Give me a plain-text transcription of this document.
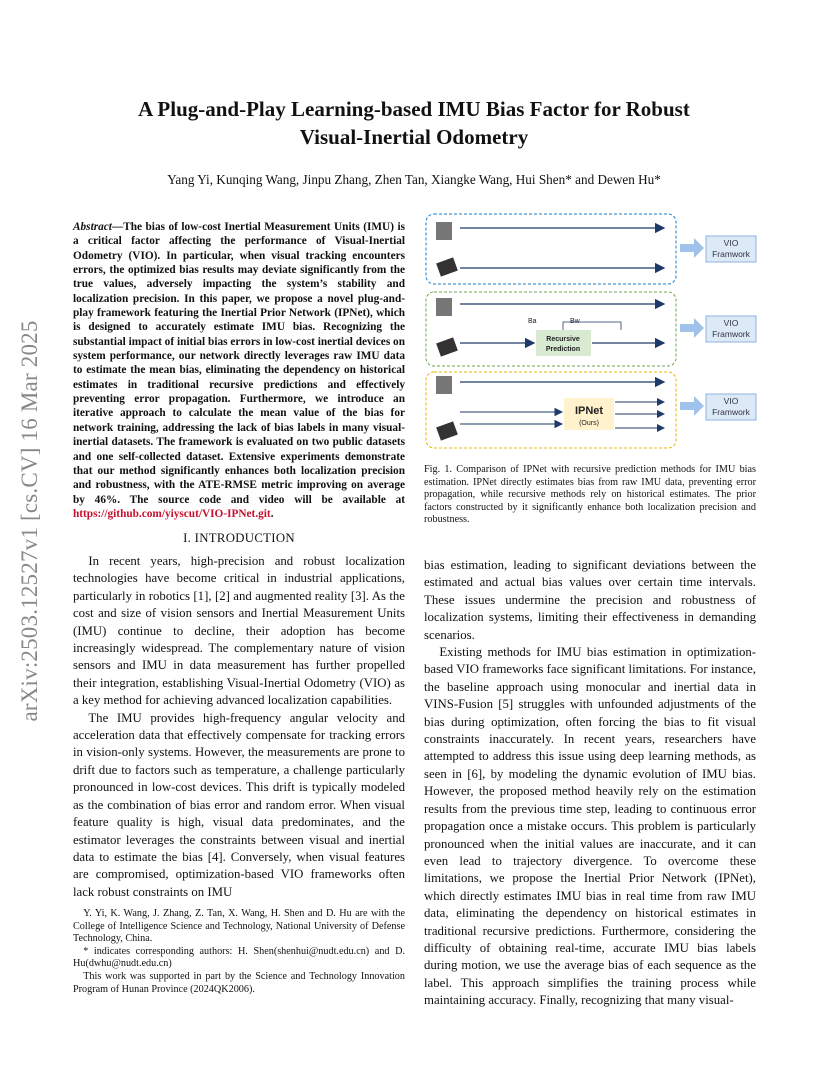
A Plug-and-Play Learning-based IMU Bias Factor for Robust
Visual-Inertial Odometry
Yang Yi, Kunqing Wang, Jinpu Zhang, Zhen Tan, Xiangke Wang, Hui Shen* and Dewen Hu*
arXiv:2503.12527v1 [cs.CV] 16 Mar 2025
Abstract—The bias of low-cost Inertial Measurement Units (IMU) is a critical factor affecting the performance of Visual-Inertial Odometry (VIO). In particular, when visual tracking encounters errors, the optimized bias results may deviate significantly from the true values, adversely impacting the system’s stability and localization precision. In this paper, we propose a novel plug-and-play framework featuring the Inertial Prior Network (IPNet), which is designed to accurately estimate IMU bias. Recognizing the substantial impact of initial bias errors in low-cost inertial devices on system performance, our network directly leverages raw IMU data to estimate the mean bias, eliminating the dependency on historical estimates in traditional recursive predictions and effectively preventing error propagation. Furthermore, we introduce an iterative approach to calculate the mean value of the bias for network training, addressing the lack of bias labels in many visual-inertial datasets. The framework is evaluated on two public datasets and one self-collected dataset. Extensive experiments demonstrate that our method significantly enhances both localization precision and robustness, with the ATE-RMSE metric improving on average by 46%. The source code and video will be available at https://github.com/yiyscut/VIO-IPNet.git.
I. INTRODUCTION

In recent years, high-precision and robust localization technologies have become critical in industrial applications, particularly in robotics [1], [2] and augmented reality [3]. As the cost and size of vision sensors and Inertial Measurement Units (IMU) continue to decline, their adoption has become increasingly widespread. The complementary nature of vision sensors and IMU in data measurement has further propelled their integration, establishing Visual-Inertial Odometry (VIO) as a key method for achieving advanced localization capabilities.

The IMU provides high-frequency angular velocity and acceleration data that effectively compensate for tracking errors in vision-only systems. However, the measurements are prone to drift due to factors such as temperature, a challenge particularly pronounced in low-cost devices. This drift is typically modeled as the combination of bias error and random error. When visual feature quality is high, visual data predominates, and the estimator leverages the constraints between visual and inertial data to estimate the bias [4]. Conversely, when visual features are compromised, optimization-based VIO frameworks often lack robust constraints on IMU

Y. Yi, K. Wang, J. Zhang, Z. Tan, X. Wang, H. Shen and D. Hu are with the College of Intelligence Science and Technology, National University of Defense Technology, China.

* indicates corresponding authors: H. Shen(shenhui@nudt.edu.cn) and D. Hu(dwhu@nudt.edu.cn)

This work was supported in part by the Science and Technology Innovation Program of Hunan Province (2024QK2006).

VIO
Framwork
Ba	Bw
Recursive
Prediction
VIO
Framwork
IPNet
(Ours)
VIO
Framwork
Fig. 1. Comparison of IPNet with recursive prediction methods for IMU bias estimation. IPNet directly estimates bias from raw IMU data, preventing error propagation, while recursive methods rely on historical estimates. The prior factors constructed by it significantly enhance both localization precision and robustness.

bias estimation, leading to significant deviations between the estimated and actual bias values over certain time intervals. These issues undermine the precision and robustness of localization systems, limiting their effectiveness in demanding scenarios.

Existing methods for IMU bias estimation in optimization-based VIO frameworks face significant limitations. For instance, the baseline approach using monocular and inertial data in VINS-Fusion [5] struggles with unfounded adjustments of the bias during optimization, often forcing the bias to fit visual constraints inaccurately. In recent years, researchers have attempted to address this issue using deep learning methods, as seen in [6], by modeling the dynamic evolution of IMU bias. However, the proposed method heavily rely on the estimation results from the previous time step, leading to continuous error propagation once a mistake occurs. This problem is particularly pronounced when the initial values are inaccurate, and it can even lead to trajectory divergence. To overcome these limitations, we propose the Inertial Prior Network (IPNet), which directly estimates IMU bias in real time from raw IMU data, eliminating the dependency on historical estimates in traditional recursive predictions. Furthermore, considering the difficulty of obtaining real-time, accurate IMU bias labels during motion, we use the average bias of each sequence as the label. This approach simplifies the training process while maintaining accuracy. Finally, recognizing that many visual-
